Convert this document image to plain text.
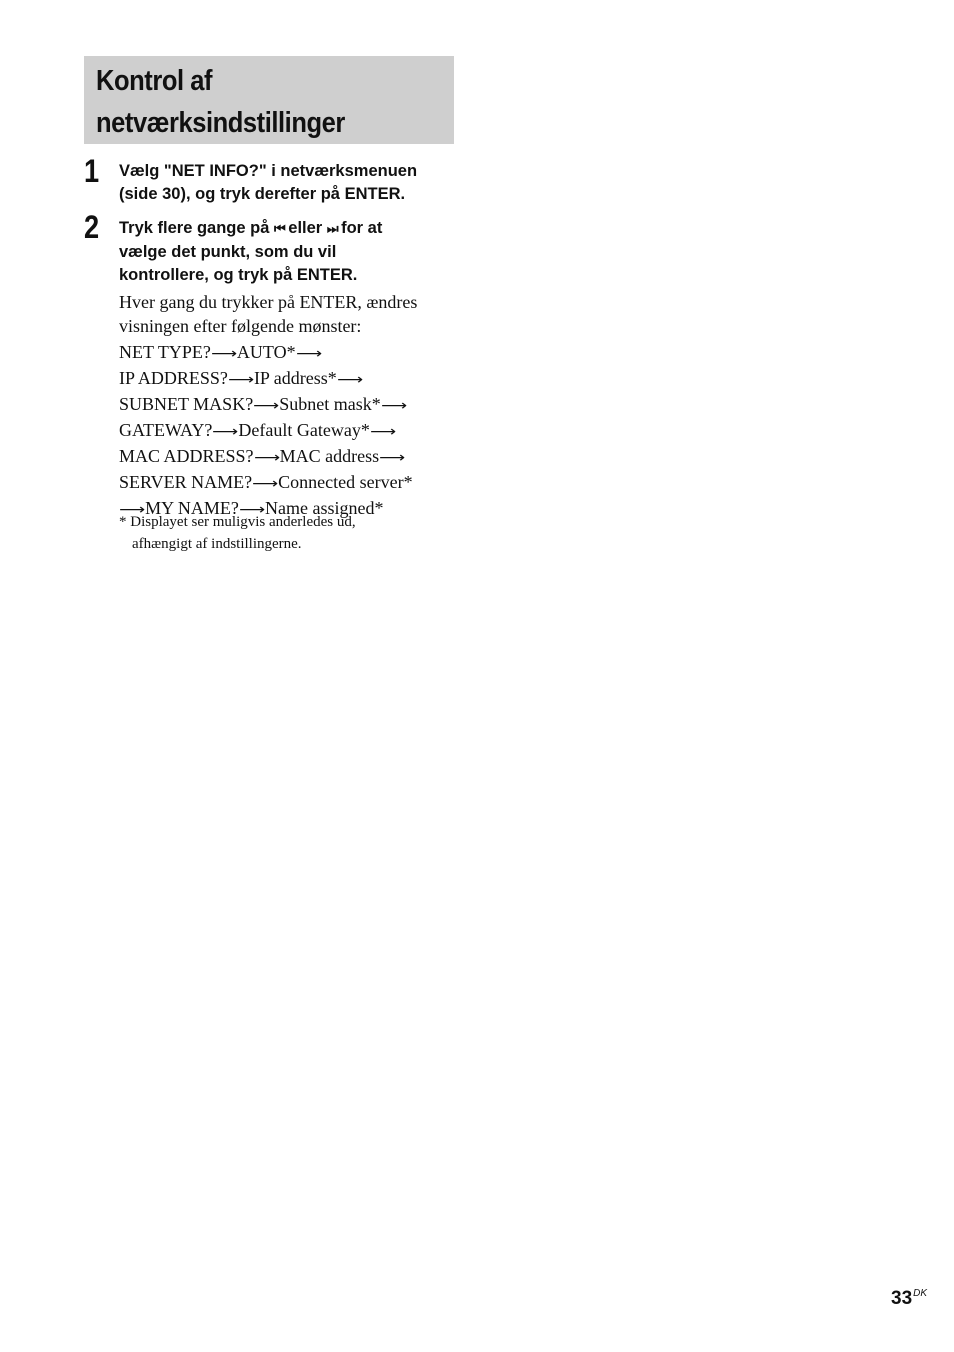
Kontrol af
netværksindstillinger
1 Vælg "NET INFO?" i netværksmenuen
(side 30), og tryk derefter på ENTER.
2 Tryk flere gange på ⏮ eller ⏭ for at
vælge det punkt, som du vil
kontrollere, og tryk på ENTER.
Hver gang du trykker på ENTER, ændres
visningen efter følgende mønster:
NET TYPE?⟶AUTO*⟶
IP ADDRESS?⟶IP address*⟶
SUBNET MASK?⟶Subnet mask*⟶
GATEWAY?⟶Default Gateway*⟶
MAC ADDRESS?⟶MAC address⟶
SERVER NAME?⟶Connected server*
⟶MY NAME?⟶Name assigned*
* Displayet ser muligvis anderledes ud,
afhængigt af indstillingerne.
$33^{DK}$
